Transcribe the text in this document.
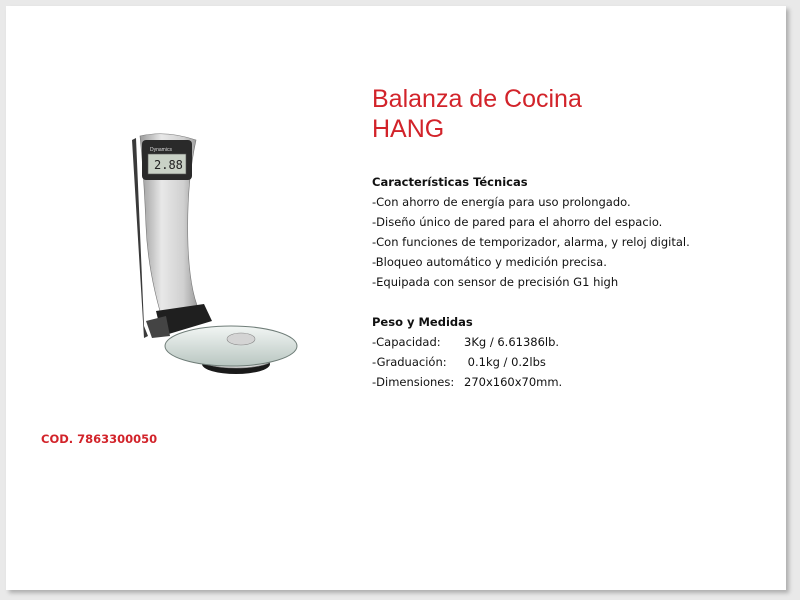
Dynamics
2.88
Balanza de Cocina
HANG

Características Técnicas

-Con ahorro de energía para uso prolongado.
-Diseño único de pared para el ahorro del espacio.
-Con funciones de temporizador, alarma, y reloj digital.
-Bloqueo automático y medición precisa.
-Equipada con sensor de precisión G1 high

Peso y Medidas

-Capacidad:	3Kg / 6.61386lb.
-Graduación:	0.1kg / 0.2lbs
-Dimensiones: 270x160x70mm.
COD. 7863300050
